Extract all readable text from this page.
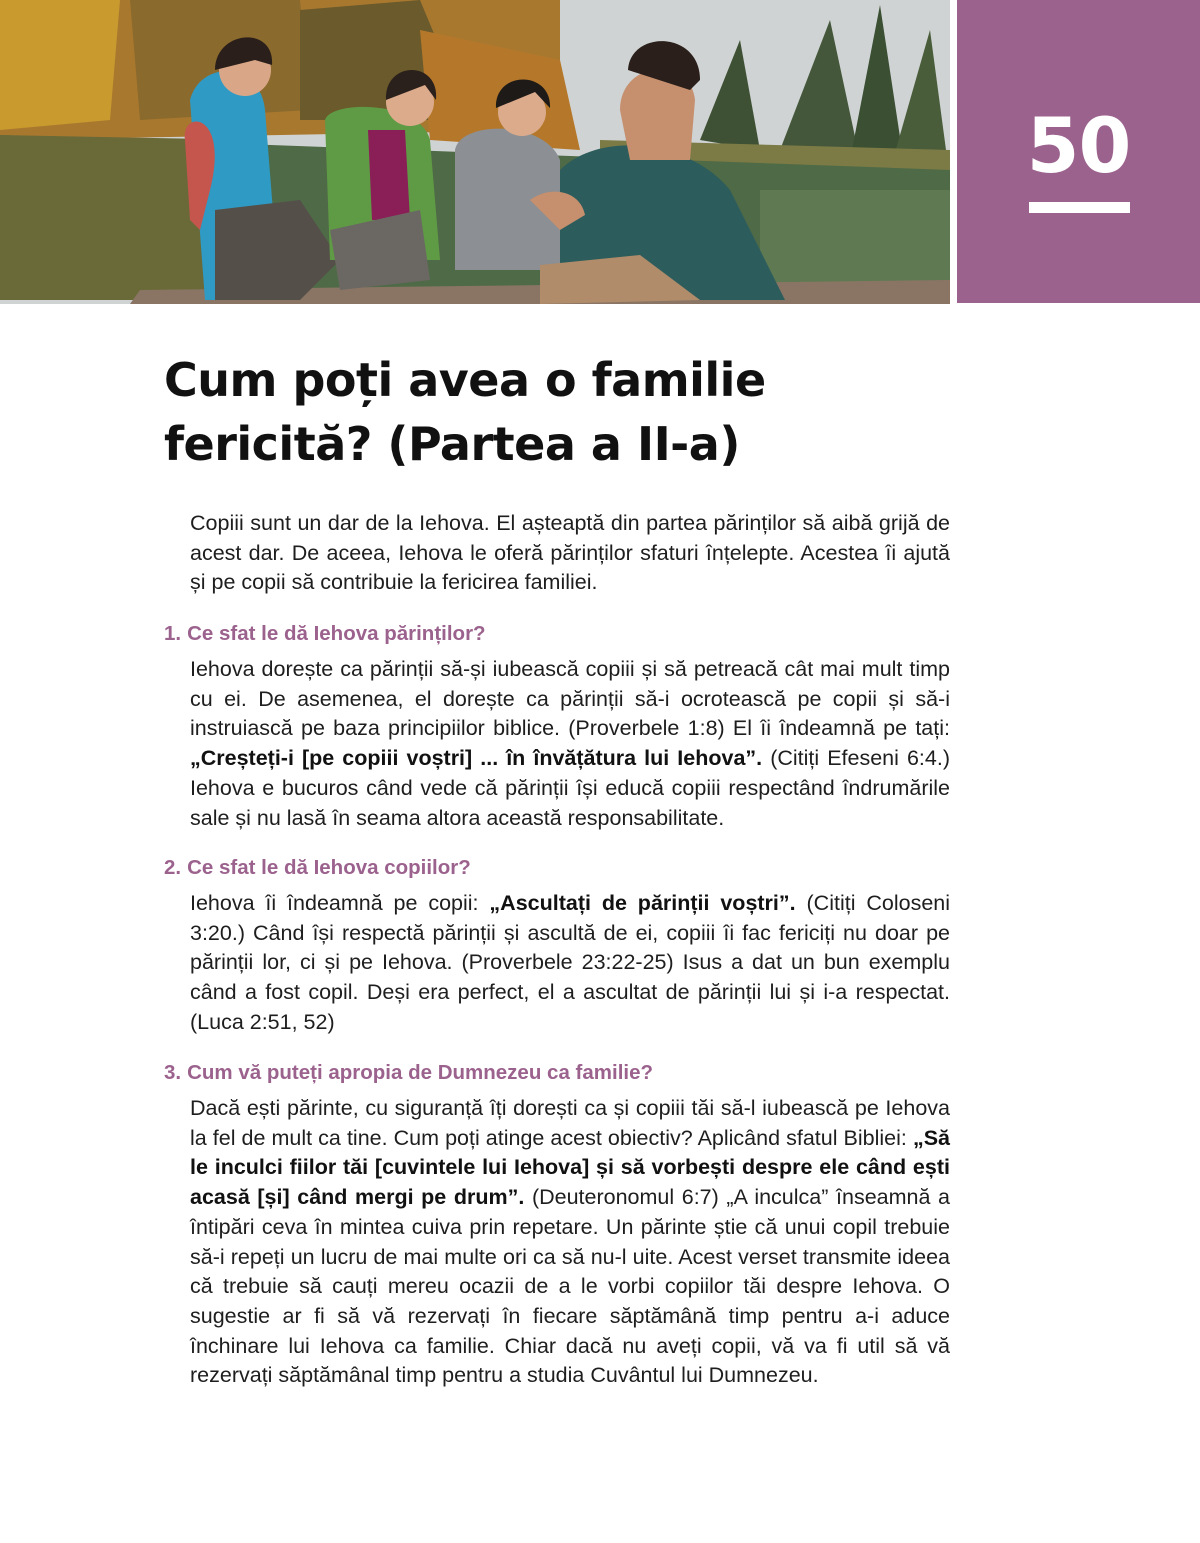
50
Cum poți avea o familie
fericită? (Partea a II-a)

Copiii sunt un dar de la Iehova. El așteaptă din partea părinților să aibă grijă de acest dar. De aceea, Iehova le oferă părinților sfaturi înțelepte. Acestea îi ajută și pe copii să contribuie la fericirea familiei.

1. Ce sfat le dă Iehova părinților?

Iehova dorește ca părinții să-și iubească copiii și să petreacă cât mai mult timp cu ei. De asemenea, el dorește ca părinții să-i ocrotească pe copii și să-i instruiască pe baza principiilor biblice. (Proverbele 1:8) El îi îndeamnă pe tați: „Creșteți-i [pe copiii voștri] ... în învățătura lui Iehova”. (Citiți Efeseni 6:4.) Iehova e bucuros când vede că părinții își educă copiii respectând îndrumările sale și nu lasă în seama altora această responsabilitate.

2. Ce sfat le dă Iehova copiilor?

Iehova îi îndeamnă pe copii: „Ascultați de părinții voștri”. (Citiți Coloseni 3:20.) Când își respectă părinții și ascultă de ei, copiii îi fac fericiți nu doar pe părinții lor, ci și pe Iehova. (Proverbele 23:22-25) Isus a dat un bun exemplu când a fost copil. Deși era perfect, el a ascultat de părinții lui și i-a respectat. (Luca 2:51, 52)

3. Cum vă puteți apropia de Dumnezeu ca familie?

Dacă ești părinte, cu siguranță îți dorești ca și copiii tăi să-l iubească pe Iehova la fel de mult ca tine. Cum poți atinge acest obiectiv? Aplicând sfatul Bibliei: „Să le inculci fiilor tăi [cuvintele lui Iehova] și să vorbești despre ele când ești acasă [și] când mergi pe drum”. (Deuteronomul 6:7) „A inculca” înseamnă a întipări ceva în mintea cuiva prin repetare. Un părinte știe că unui copil trebuie să-i repeți un lucru de mai multe ori ca să nu-l uite. Acest verset transmite ideea că trebuie să cauți mereu ocazii de a le vorbi copiilor tăi despre Iehova. O sugestie ar fi să vă rezervați în fiecare săptămână timp pentru a-i aduce închinare lui Iehova ca familie. Chiar dacă nu aveți copii, vă va fi util să vă rezervați săptămânal timp pentru a studia Cuvântul lui Dumnezeu.
